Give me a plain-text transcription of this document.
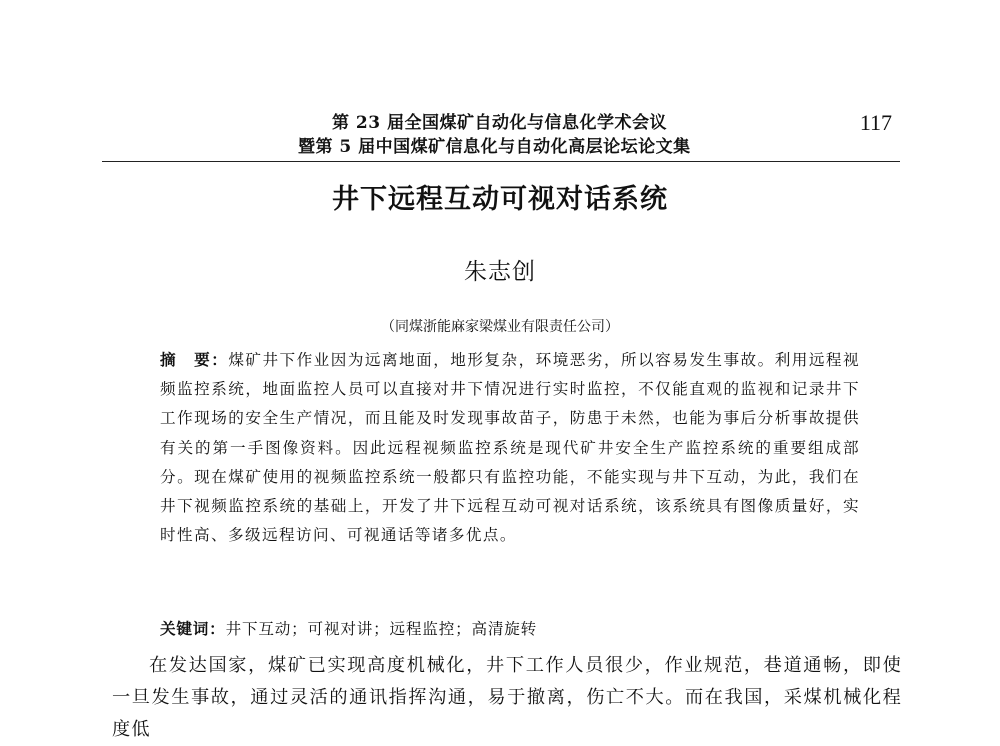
第 23 届全国煤矿自动化与信息化学术会议
暨第 5 届中国煤矿信息化与自动化高层论坛论文集
117
井下远程互动可视对话系统
朱志创
（同煤浙能麻家梁煤业有限责任公司）
摘　要：煤矿井下作业因为远离地面，地形复杂，环境恶劣，所以容易发生事故。利用远程视频监控系统，地面监控人员可以直接对井下情况进行实时监控，不仅能直观的监视和记录井下工作现场的安全生产情况，而且能及时发现事故苗子，防患于未然，也能为事后分析事故提供有关的第一手图像资料。因此远程视频监控系统是现代矿井安全生产监控系统的重要组成部分。现在煤矿使用的视频监控系统一般都只有监控功能，不能实现与井下互动，为此，我们在井下视频监控系统的基础上，开发了井下远程互动可视对话系统，该系统具有图像质量好，实时性高、多级远程访问、可视通话等诸多优点。
关键词：井下互动；可视对讲；远程监控；高清旋转
在发达国家，煤矿已实现高度机械化，井下工作人员很少，作业规范，巷道通畅，即使一旦发生事故，通过灵活的通讯指挥沟通，易于撤离，伤亡不大。而在我国，采煤机械化程度低
